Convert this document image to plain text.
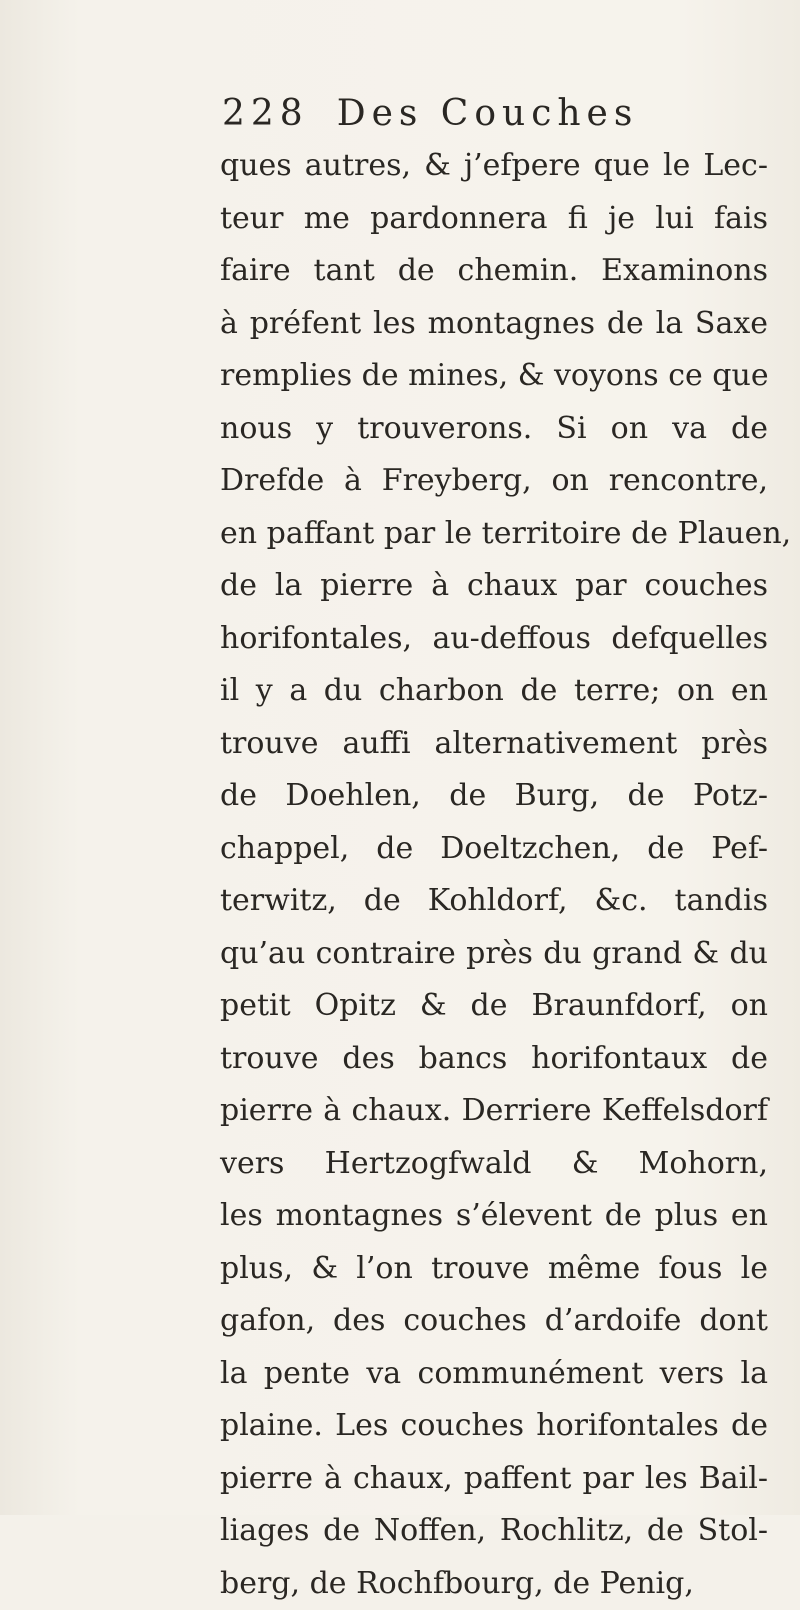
228 Des Couches
ques autres, & j’efpere que le Lec-
teur me pardonnera fi je lui fais
faire tant de chemin. Examinons
à préfent les montagnes de la Saxe
remplies de mines, & voyons ce que
nous y trouverons. Si on va de
Drefde à Freyberg, on rencontre,
en paffant par le territoire de Plauen,
de la pierre à chaux par couches
horifontales, au-deffous defquelles
il y a du charbon de terre; on en
trouve auffi alternativement près
de Doehlen, de Burg, de Potz-
chappel, de Doeltzchen, de Pef-
terwitz, de Kohldorf, &c. tandis
qu’au contraire près du grand & du
petit Opitz & de Braunfdorf, on
trouve des bancs horifontaux de
pierre à chaux. Derriere Keffelsdorf
vers Hertzogfwald & Mohorn,
les montagnes s’élevent de plus en
plus, & l’on trouve même fous le
gafon, des couches d’ardoife dont
la pente va communément vers la
plaine. Les couches horifontales de
pierre à chaux, paffent par les Bail-
liages de Noffen, Rochlitz, de Stol-
berg, de Rochfbourg, de Penig,
